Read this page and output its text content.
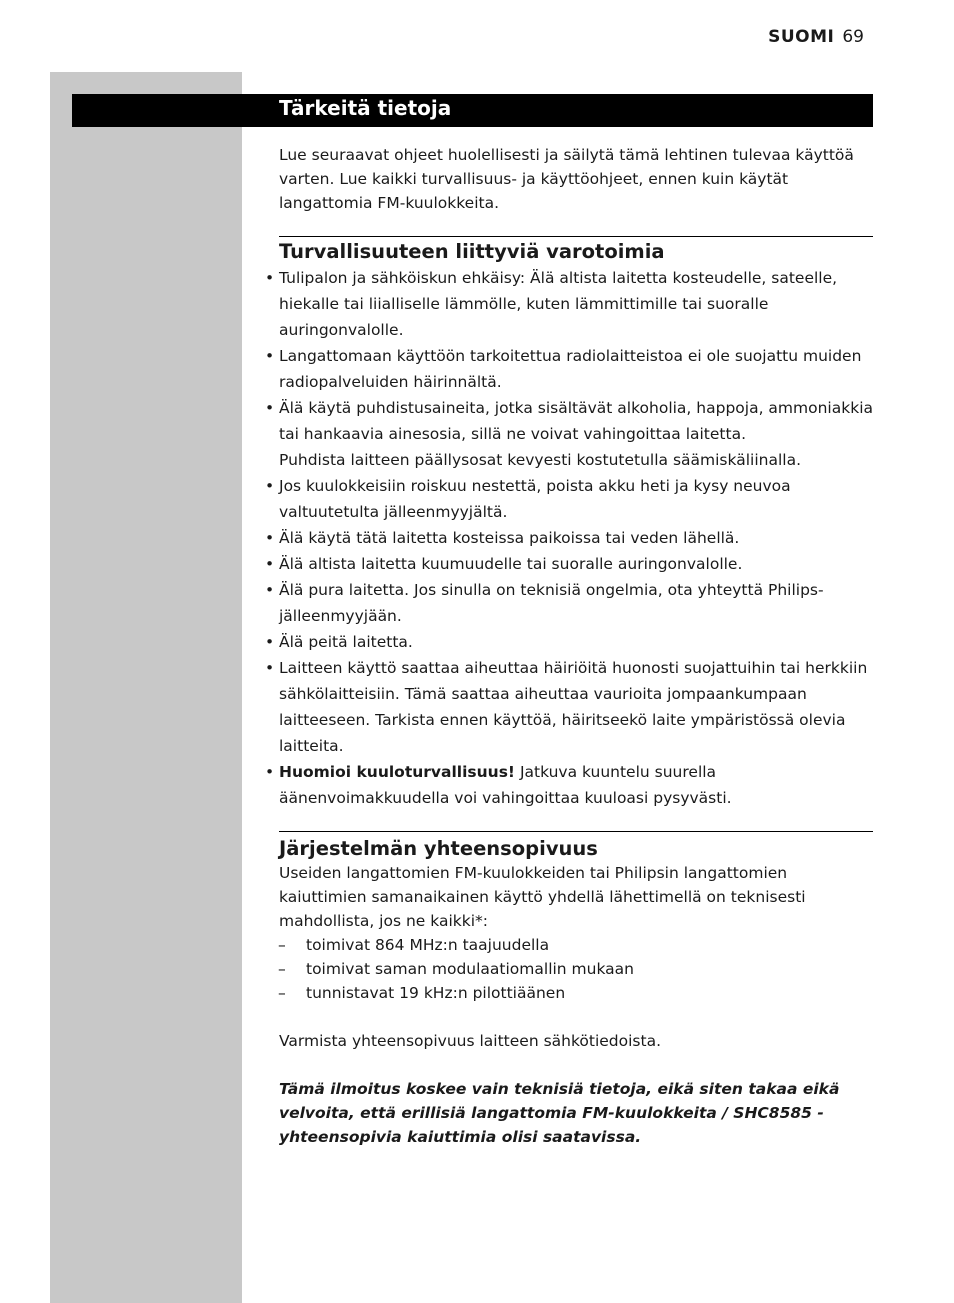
SUOMI 69
Tärkeitä tietoja

Lue seuraavat ohjeet huolellisesti ja säilytä tämä lehtinen tulevaa käyttöä varten. Lue kaikki turvallisuus- ja käyttöohjeet, ennen kuin käytät langattomia FM-kuulokkeita.

Turvallisuuteen liittyviä varotoimia
• Tulipalon ja sähköiskun ehkäisy: Älä altista laitetta kosteudelle, sateelle, hiekalle tai liialliselle lämmölle, kuten lämmittimille tai suoralle auringonvalolle.
• Langattomaan käyttöön tarkoitettua radiolaitteistoa ei ole suojattu muiden radiopalveluiden häirinnältä.
• Älä käytä puhdistusaineita, jotka sisältävät alkoholia, happoja, ammoniakkia tai hankaavia ainesosia, sillä ne voivat vahingoittaa laitetta.
Puhdista laitteen päällysosat kevyesti kostutetulla säämiskäliinalla.
• Jos kuulokkeisiin roiskuu nestettä, poista akku heti ja kysy neuvoa valtuutetulta jälleenmyyjältä.
• Älä käytä tätä laitetta kosteissa paikoissa tai veden lähellä.
• Älä altista laitetta kuumuudelle tai suoralle auringonvalolle.
• Älä pura laitetta. Jos sinulla on teknisiä ongelmia, ota yhteyttä Philips-jälleenmyyjään.
• Älä peitä laitetta.
• Laitteen käyttö saattaa aiheuttaa häiriöitä huonosti suojattuihin tai herkkiin sähkölaitteisiin. Tämä saattaa aiheuttaa vaurioita jompaankumpaan laitteeseen. Tarkista ennen käyttöä, häiritseekö laite ympäristössä olevia laitteita.
• Huomioi kuuloturvallisuus! Jatkuva kuuntelu suurella äänenvoimakkuudella voi vahingoittaa kuuloasi pysyvästi.
Järjestelmän yhteensopivuus

Useiden langattomien FM-kuulokkeiden tai Philipsin langattomien kaiuttimien samanaikainen käyttö yhdellä lähettimellä on teknisesti mahdollista, jos ne kaikki*:

– toimivat 864 MHz:n taajuudella
– toimivat saman modulaatiomallin mukaan
– tunnistavat 19 kHz:n pilottiäänen

Varmista yhteensopivuus laitteen sähkötiedoista.

Tämä ilmoitus koskee vain teknisiä tietoja, eikä siten takaa eikä velvoita, että erillisiä langattomia FM-kuulokkeita / SHC8585 - yhteensopivia kaiuttimia olisi saatavissa.
